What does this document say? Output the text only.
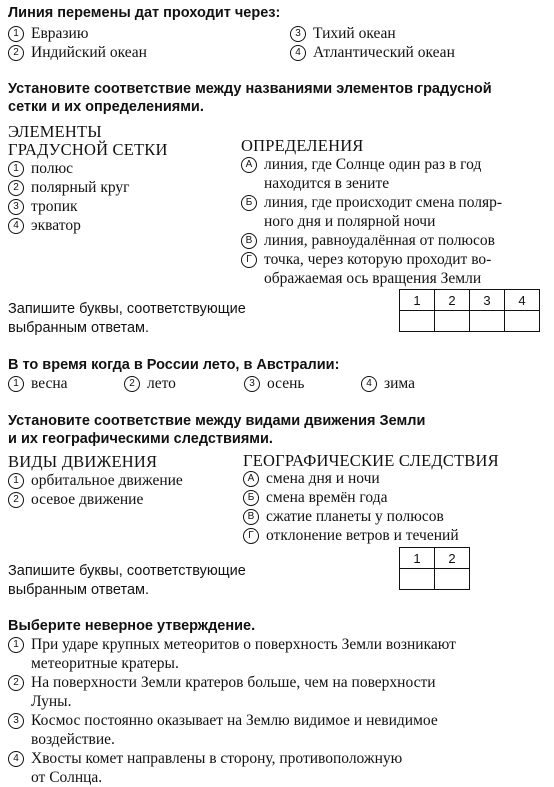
Линия перемены дат проходит через:
1 Евразию
2 Индийский океан
3 Тихий океан
4 Атлантический океан
Установите соответствие между названиями элементов градусной
сетки и их определениями.
ЭЛЕМЕНТЫ
ГРАДУСНОЙ СЕТКИ	ОПРЕДЕЛЕНИЯ
1 полюс
2 полярный круг
3 тропик
4 экватор
А линия, где Солнце один раз в год
находится в зените
Б линия, где происходит смена поляр-
ного дня и полярной ночи
В линия, равноудалённая от полюсов
Г точка, через которую проходит во-
ображаемая ось вращения Земли
Запишите буквы, соответствующие
выбранным ответам.
1	2	3	4

В то время когда в России лето, в Австралии:
1 весна	2 лето	3 осень	4 зима
Установите соответствие между видами движения Земли
и их географическими следствиями.
ВИДЫ ДВИЖЕНИЯ	ГЕОГРАФИЧЕСКИЕ СЛЕДСТВИЯ
1 орбитальное движение
2 осевое движение
А смена дня и ночи
Б смена времён года
В сжатие планеты у полюсов
Г отклонение ветров и течений
Запишите буквы, соответствующие
выбранным ответам.
1	2

Выберите неверное утверждение.
1 При ударе крупных метеоритов о поверхность Земли возникают
метеоритные кратеры.
2 На поверхности Земли кратеров больше, чем на поверхности
Луны.
3 Космос постоянно оказывает на Землю видимое и невидимое
воздействие.
4 Хвосты комет направлены в сторону, противоположную
от Солнца.
